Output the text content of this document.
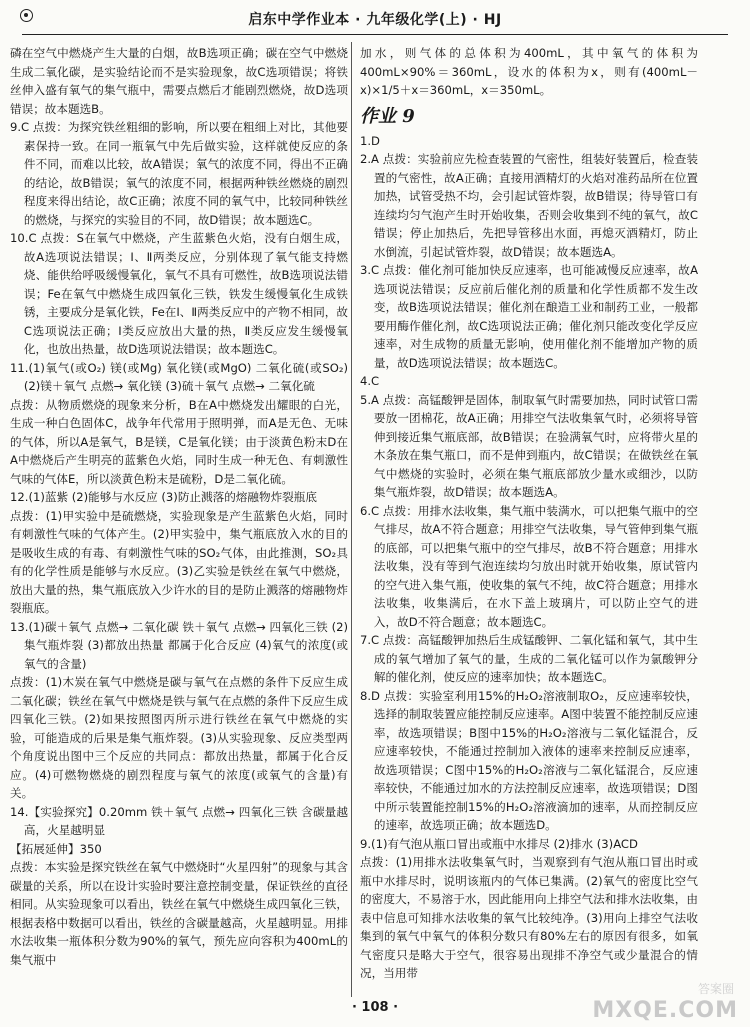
启东中学作业本 · 九年级化学(上) · HJ
磷在空气中燃烧产生大量的白烟，故B选项正确；碳在空气中燃烧生成二氧化碳，是实验结论而不是实验现象，故C选项错误；将铁丝伸入盛有氧气的集气瓶中，需要点燃后才能剧烈燃烧，故D选项错误；故本题选B。
9.C 点拨：为探究铁丝粗细的影响，所以要在粗细上对比，其他要素保持一致。在同一瓶氧气中先后做实验，这样就使反应的条件不同，而难以比较，故A错误；氧气的浓度不同，得出不正确的结论，故B错误；氧气的浓度不同，根据两种铁丝燃烧的剧烈程度来得出结论，故C正确；浓度不同的氧气中，比较同种铁丝的燃烧，与探究的实验目的不同，故D错误；故本题选C。
10.C 点拨：S在氧气中燃烧，产生蓝紫色火焰，没有白烟生成，故A选项说法错误；Ⅰ、Ⅱ两类反应，分别体现了氧气能支持燃烧、能供给呼吸缓慢氧化，氧气不具有可燃性，故B选项说法错误；Fe在氧气中燃烧生成四氧化三铁，铁发生缓慢氧化生成铁锈，主要成分是氧化铁，Fe在Ⅰ、Ⅱ两类反应中的产物不相同，故C选项说法正确；Ⅰ类反应放出大量的热，Ⅱ类反应发生缓慢氧化，也放出热量，故D选项说法错误；故本题选C。
11.(1)氧气(或O₂) 镁(或Mg) 氧化镁(或MgO) 二氧化硫(或SO₂) (2)镁＋氧气 点燃→ 氧化镁 (3)硫＋氧气 点燃→ 二氧化硫
点拨：从物质燃烧的现象来分析，B在A中燃烧发出耀眼的白光，生成一种白色固体C，战争年代常用于照明弹，而A是无色、无味的气体，所以A是氧气，B是镁，C是氧化镁；由于淡黄色粉末D在A中燃烧后产生明亮的蓝紫色火焰，同时生成一种无色、有刺激性气味的气体E，所以淡黄色粉末是硫粉，D是二氧化硫。
12.(1)蓝紫 (2)能够与水反应 (3)防止溅落的熔融物炸裂瓶底
点拨：(1)甲实验中是硫燃烧，实验现象是产生蓝紫色火焰，同时有刺激性气味的气体产生。(2)甲实验中，集气瓶底放入水的目的是吸收生成的有毒、有刺激性气味的SO₂气体，由此推测，SO₂具有的化学性质是能够与水反应。(3)乙实验是铁丝在氧气中燃烧，放出大量的热，集气瓶底放入少许水的目的是防止溅落的熔融物炸裂瓶底。
13.(1)碳＋氧气 点燃→ 二氧化碳 铁＋氧气 点燃→ 四氧化三铁 (2)集气瓶炸裂 (3)都放出热量 都属于化合反应 (4)氧气的浓度(或氧气的含量)
点拨：(1)木炭在氧气中燃烧是碳与氧气在点燃的条件下反应生成二氧化碳；铁丝在氧气中燃烧是铁与氧气在点燃的条件下反应生成四氧化三铁。(2)如果按照图丙所示进行铁丝在氧气中燃烧的实验，可能造成的后果是集气瓶炸裂。(3)从实验现象、反应类型两个角度说出图中三个反应的共同点：都放出热量，都属于化合反应。(4)可燃物燃烧的剧烈程度与氧气的浓度(或氧气的含量)有关。
14.【实验探究】0.20mm 铁＋氧气 点燃→ 四氧化三铁 含碳量越高，火星越明显
【拓展延伸】350
点拨：本实验是探究铁丝在氧气中燃烧时“火星四射”的现象与其含碳量的关系，所以在设计实验时要注意控制变量，保证铁丝的直径相同。从实验现象可以看出，铁丝在氧气中燃烧生成四氧化三铁，根据表格中数据可以看出，铁丝的含碳量越高，火星越明显。用排水法收集一瓶体积分数为90%的氧气，预先应向容积为400mL的集气瓶中
加水，则气体的总体积为400mL，其中氧气的体积为400mL×90%＝360mL，设水的体积为x，则有(400mL－x)×1/5＋x＝360mL，x＝350mL。
作业 9
1.D
2.A 点拨：实验前应先检查装置的气密性，组装好装置后，检查装置的气密性，故A正确；直接用酒精灯的火焰对准药品所在位置加热，试管受热不均，会引起试管炸裂，故B错误；待导管口有连续均匀气泡产生时开始收集，否则会收集到不纯的氧气，故C错误；停止加热后，先把导管移出水面，再熄灭酒精灯，防止水倒流，引起试管炸裂，故D错误；故本题选A。
3.C 点拨：催化剂可能加快反应速率，也可能减慢反应速率，故A选项说法错误；反应前后催化剂的质量和化学性质都不发生改变，故B选项说法错误；催化剂在酿造工业和制药工业，一般都要用酶作催化剂，故C选项说法正确；催化剂只能改变化学反应速率，对生成物的质量无影响，使用催化剂不能增加产物的质量，故D选项说法错误；故本题选C。
4.C
5.A 点拨：高锰酸钾是固体，制取氧气时需要加热，同时试管口需要放一团棉花，故A正确；用排空气法收集氧气时，必须将导管伸到接近集气瓶底部，故B错误；在验满氧气时，应将带火星的木条放在集气瓶口，而不是伸到瓶内，故C错误；在做铁丝在氧气中燃烧的实验时，必须在集气瓶底部放少量水或细沙，以防集气瓶炸裂，故D错误；故本题选A。
6.C 点拨：用排水法收集，集气瓶中装满水，可以把集气瓶中的空气排尽，故A不符合题意；用排空气法收集，导气管伸到集气瓶的底部，可以把集气瓶中的空气排尽，故B不符合题意；用排水法收集，没有等到气泡连续均匀放出时就开始收集，原试管内的空气进入集气瓶，使收集的氧气不纯，故C符合题意；用排水法收集，收集满后，在水下盖上玻璃片，可以防止空气的进入，故D不符合题意；故本题选C。
7.C 点拨：高锰酸钾加热后生成锰酸钾、二氧化锰和氧气，其中生成的氧气增加了氧气的量，生成的二氧化锰可以作为氯酸钾分解的催化剂，使反应的速率加快；故本题选C。
8.D 点拨：实验室利用15%的H₂O₂溶液制取O₂，反应速率较快，选择的制取装置应能控制反应速率。A图中装置不能控制反应速率，故选项错误；B图中15%的H₂O₂溶液与二氧化锰混合，反应速率较快，不能通过控制加入液体的速率来控制反应速率，故选项错误；C图中15%的H₂O₂溶液与二氧化锰混合，反应速率较快，不能通过加水的方法控制反应速率，故选项错误；D图中所示装置能控制15%的H₂O₂溶液滴加的速率，从而控制反应的速率，故选项正确；故本题选D。
9.(1)有气泡从瓶口冒出或瓶中水排尽 (2)排水 (3)ACD
点拨：(1)用排水法收集氧气时，当观察到有气泡从瓶口冒出时或瓶中水排尽时，说明该瓶内的气体已集满。(2)氧气的密度比空气的密度大，不易溶于水，因此能用向上排空气法和排水法收集，由表中信息可知排水法收集的氧气比较纯净。(3)用向上排空气法收集到的氧气中氧气的体积分数只有80%左右的原因有很多，如氧气密度只是略大于空气，很容易出现排不净空气或少量混合的情况，当用带
· 108 ·
答案圈
MXQE.COM
